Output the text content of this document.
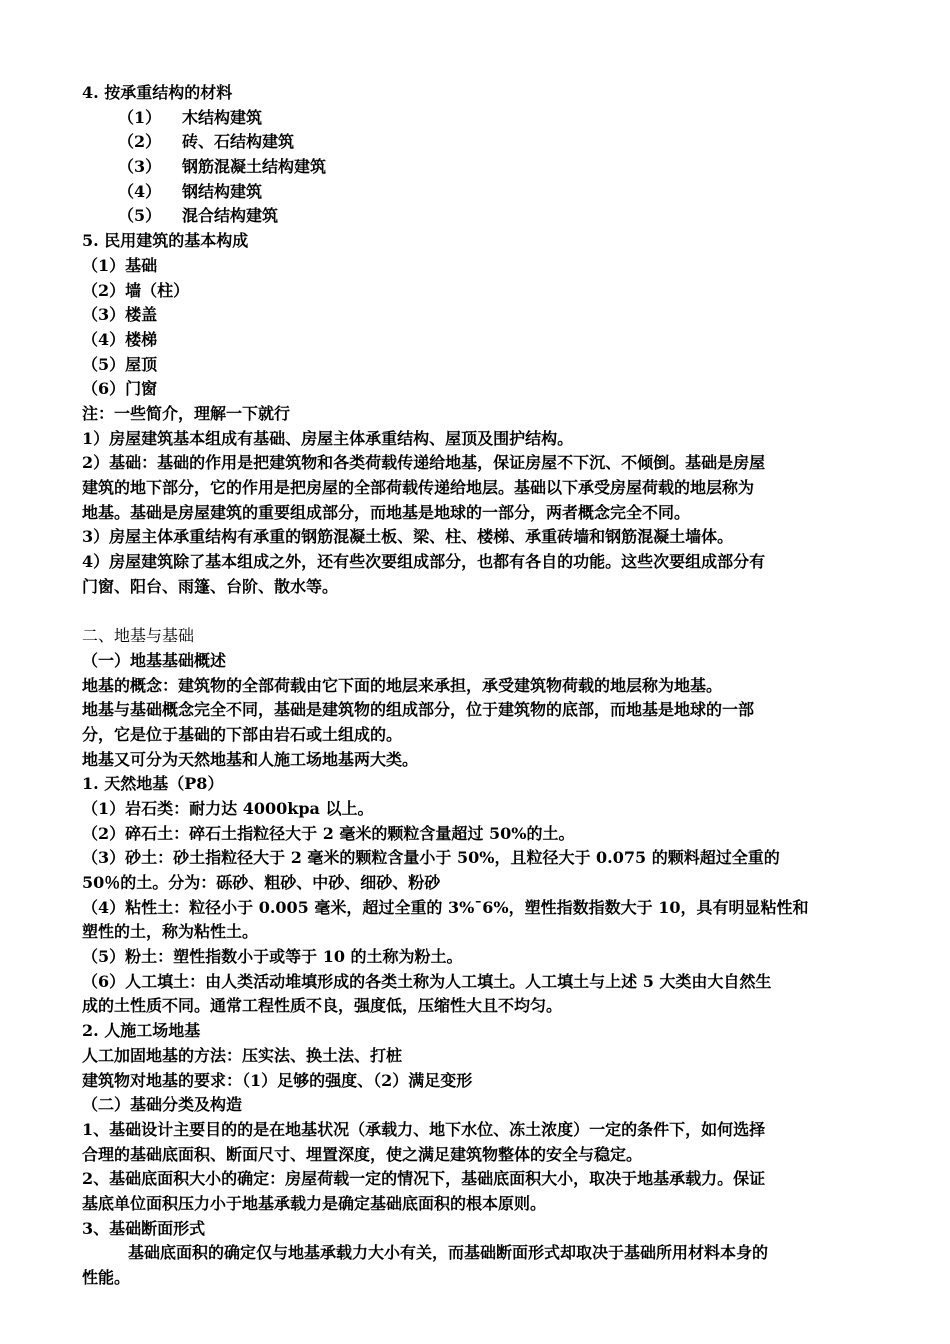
4. 按承重结构的材料
（1） 木结构建筑
（2） 砖、石结构建筑
（3） 钢筋混凝土结构建筑
（4） 钢结构建筑
（5） 混合结构建筑
5. 民用建筑的基本构成
（1）基础
（2）墙（柱）
（3）楼盖
（4）楼梯
（5）屋顶
（6）门窗
注：一些简介，理解一下就行
1）房屋建筑基本组成有基础、房屋主体承重结构、屋顶及围护结构。
2）基础：基础的作用是把建筑物和各类荷载传递给地基，保证房屋不下沉、不倾倒。基础是房屋
建筑的地下部分，它的作用是把房屋的全部荷载传递给地层。基础以下承受房屋荷载的地层称为
地基。基础是房屋建筑的重要组成部分，而地基是地球的一部分，两者概念完全不同。
3）房屋主体承重结构有承重的钢筋混凝土板、梁、柱、楼梯、承重砖墙和钢筋混凝土墙体。
4）房屋建筑除了基本组成之外，还有些次要组成部分，也都有各自的功能。这些次要组成部分有
门窗、阳台、雨篷、台阶、散水等。
二、地基与基础
（一）地基基础概述
地基的概念：建筑物的全部荷载由它下面的地层来承担，承受建筑物荷载的地层称为地基。
地基与基础概念完全不同，基础是建筑物的组成部分，位于建筑物的底部，而地基是地球的一部
分，它是位于基础的下部由岩石或土组成的。
地基又可分为天然地基和人施工场地基两大类。
1. 天然地基（P8）
（1）岩石类：耐力达 4000kpa 以上。
（2）碎石土：碎石土指粒径大于 2 毫米的颗粒含量超过 50%的土。
（3）砂土：砂土指粒径大于 2 毫米的颗粒含量小于 50%，且粒径大于 0.075 的颗料超过全重的
50％的土。分为：砾砂、粗砂、中砂、细砂、粉砂
（4）粘性土：粒径小于 0.005 毫米，超过全重的 3%¯6%，塑性指数指数大于 10，具有明显粘性和
塑性的土，称为粘性土。
（5）粉土：塑性指数小于或等于 10 的土称为粉土。
（6）人工填土：由人类活动堆填形成的各类土称为人工填土。人工填土与上述 5 大类由大自然生
成的土性质不同。通常工程性质不良，强度低，压缩性大且不均匀。
2. 人施工场地基
人工加固地基的方法：压实法、换土法、打桩
建筑物对地基的要求：（1）足够的强度、（2）满足变形
（二）基础分类及构造
1、基础设计主要目的的是在地基状况（承载力、地下水位、冻土浓度）一定的条件下，如何选择
合理的基础底面积、断面尺寸、埋置深度，使之满足建筑物整体的安全与稳定。
2、基础底面积大小的确定：房屋荷载一定的情况下，基础底面积大小，取决于地基承载力。保证
基底单位面积压力小于地基承载力是确定基础底面积的根本原则。
3、基础断面形式
基础底面积的确定仅与地基承载力大小有关，而基础断面形式却取决于基础所用材料本身的
性能。
